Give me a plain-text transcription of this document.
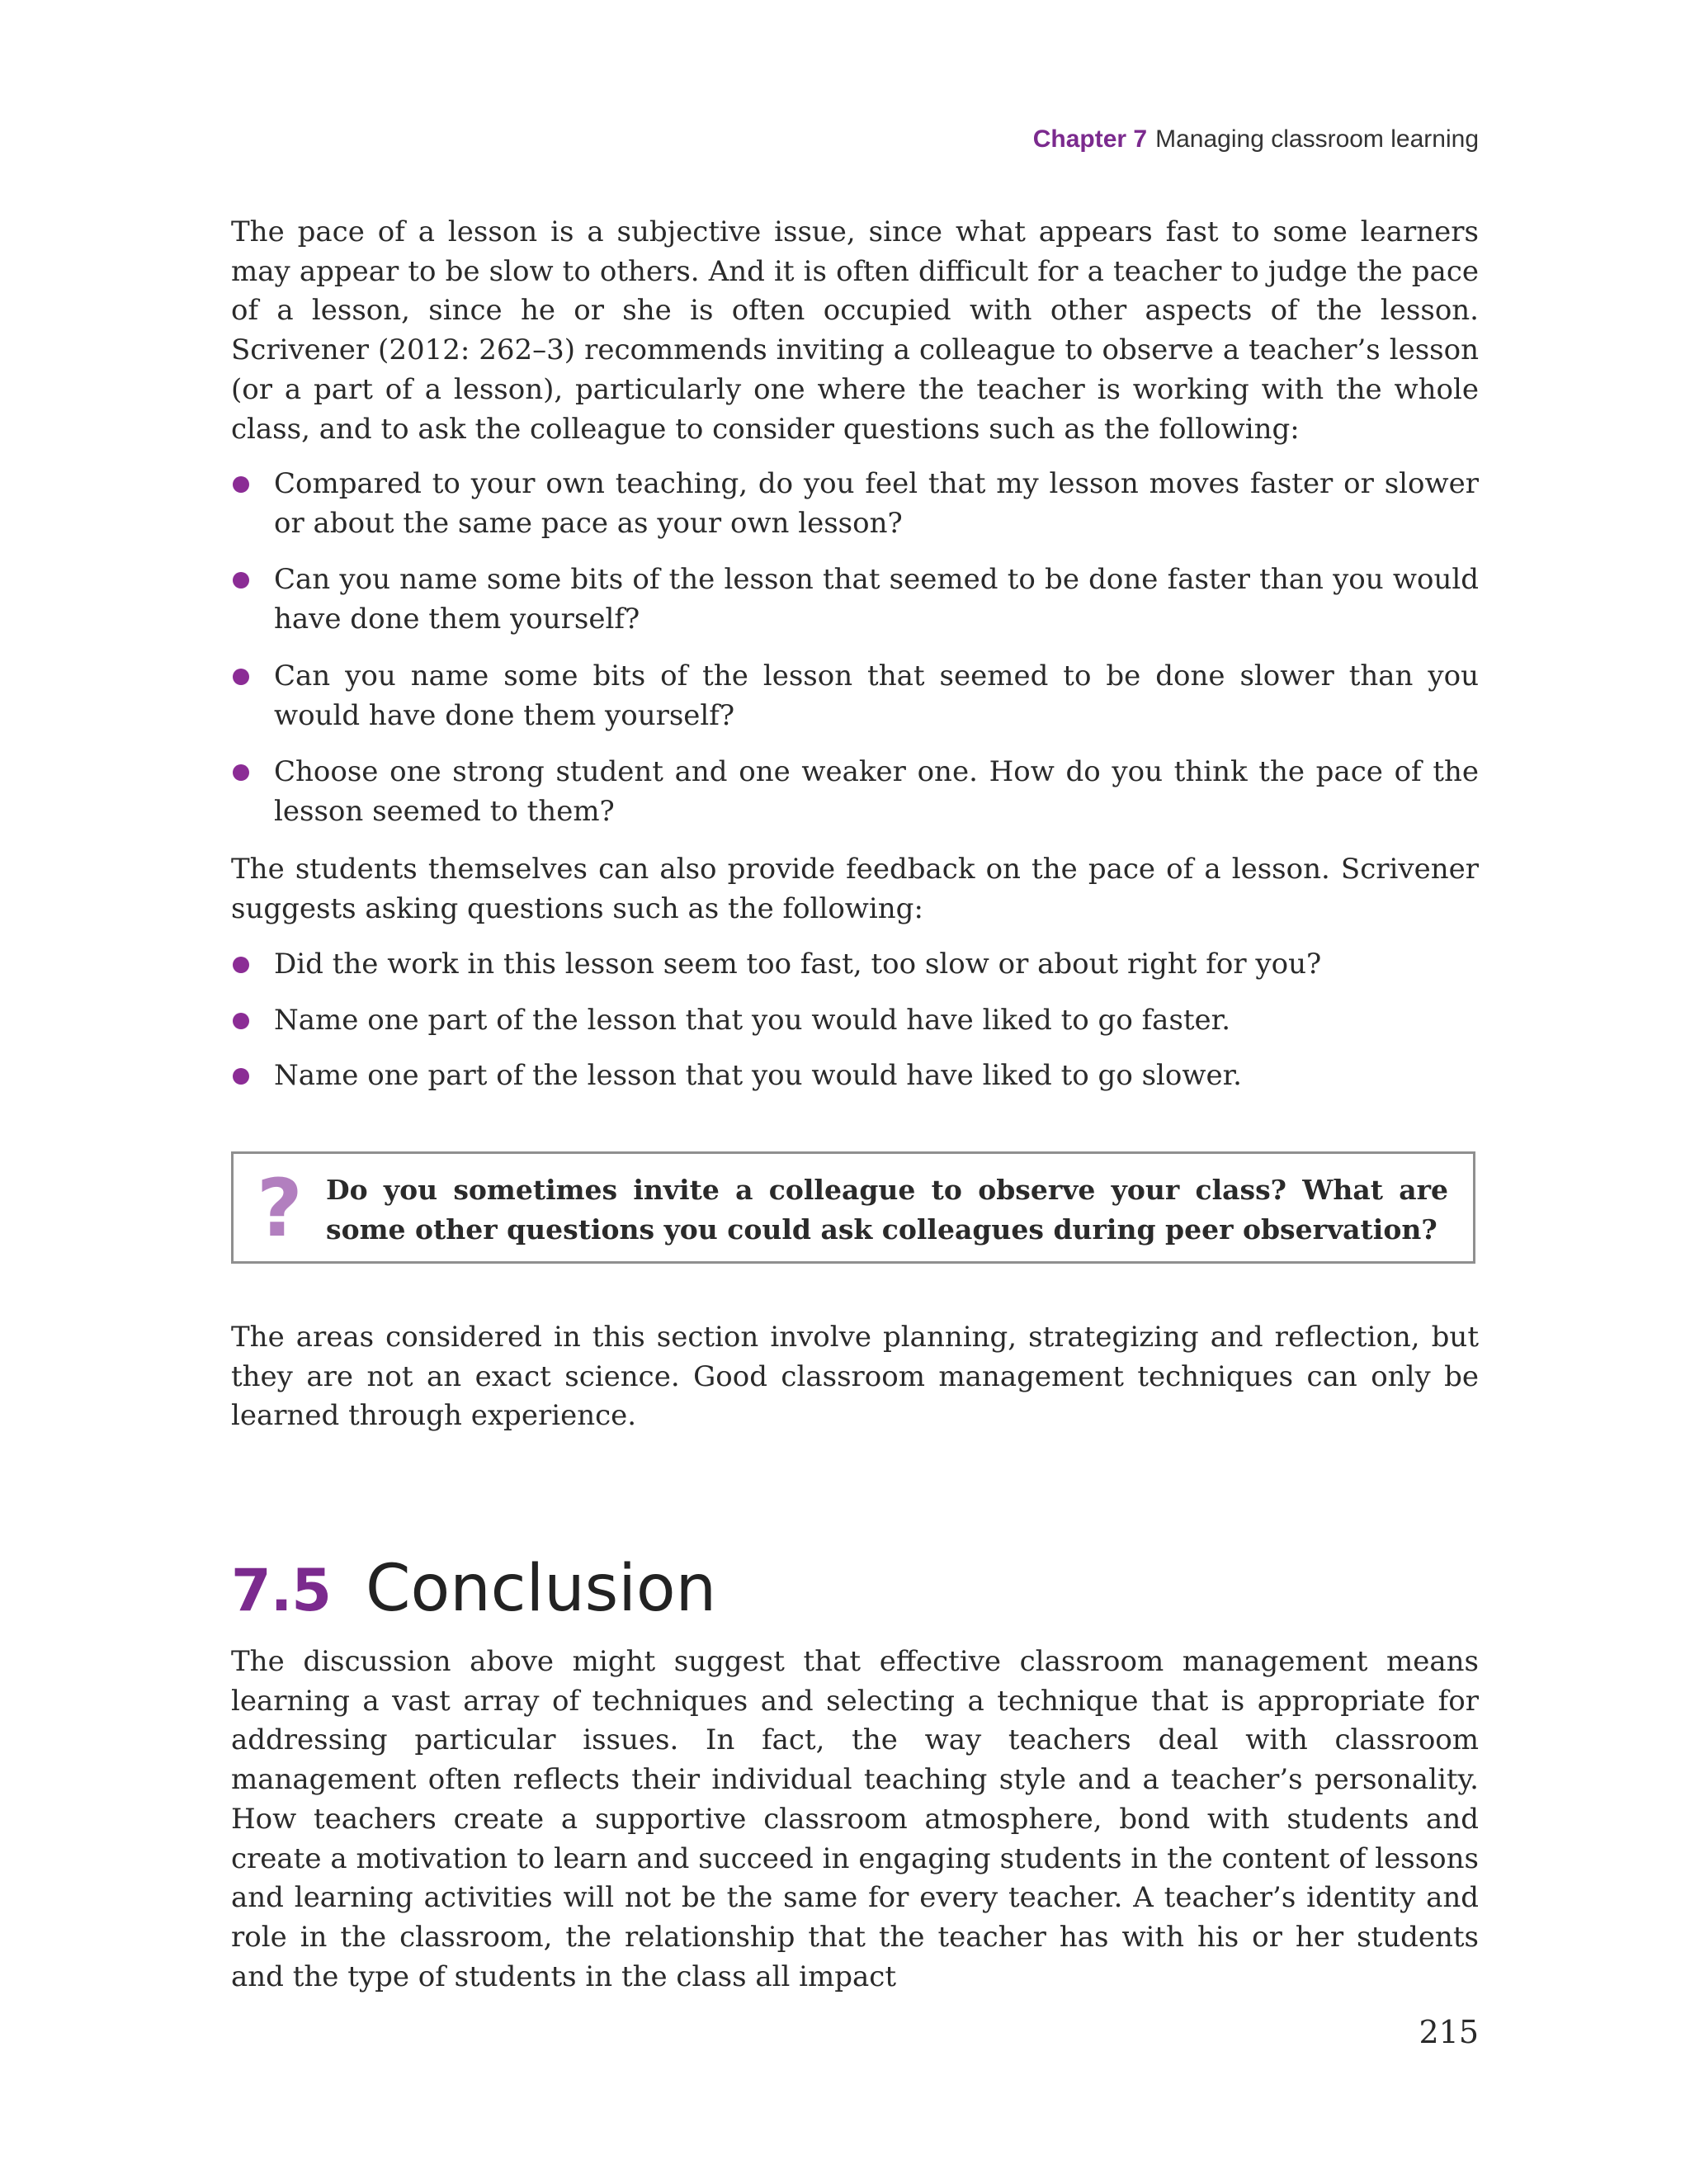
Chapter 7 Managing classroom learning

The pace of a lesson is a subjective issue, since what appears fast to some learners may appear to be slow to others. And it is often difficult for a teacher to judge the pace of a lesson, since he or she is often occupied with other aspects of the lesson. Scrivener (2012: 262–3) recommends inviting a colleague to observe a teacher’s lesson (or a part of a lesson), particularly one where the teacher is working with the whole class, and to ask the colleague to consider questions such as the following:

Compared to your own teaching, do you feel that my lesson moves faster or slower or about the same pace as your own lesson?
Can you name some bits of the lesson that seemed to be done faster than you would have done them yourself?
Can you name some bits of the lesson that seemed to be done slower than you would have done them yourself?
Choose one strong student and one weaker one. How do you think the pace of the lesson seemed to them?

The students themselves can also provide feedback on the pace of a lesson. Scrivener suggests asking questions such as the following:

Did the work in this lesson seem too fast, too slow or about right for you?
Name one part of the lesson that you would have liked to go faster.
Name one part of the lesson that you would have liked to go slower.
? Do you sometimes invite a colleague to observe your class? What are some other questions you could ask colleagues during peer observation?

The areas considered in this section involve planning, strategizing and reflection, but they are not an exact science. Good classroom management techniques can only be learned through experience.

7.5 Conclusion

The discussion above might suggest that effective classroom management means learning a vast array of techniques and selecting a technique that is appropriate for addressing particular issues. In fact, the way teachers deal with classroom management often reflects their individual teaching style and a teacher’s personality. How teachers create a supportive classroom atmosphere, bond with students and create a motivation to learn and succeed in engaging students in the content of lessons and learning activities will not be the same for every teacher. A teacher’s identity and role in the classroom, the relationship that the teacher has with his or her students and the type of students in the class all impact

215
